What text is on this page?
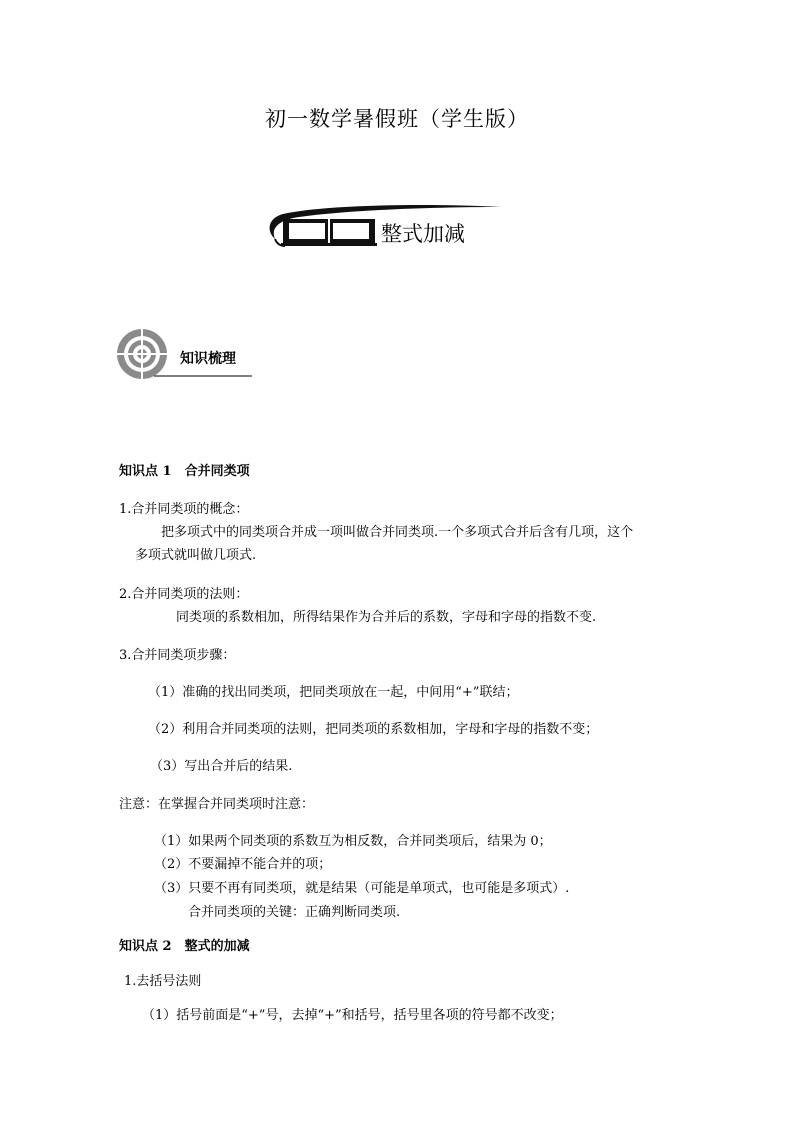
初一数学暑假班（学生版）
整式加减
知识梳理
知识点 1　合并同类项
1.合并同类项的概念：
把多项式中的同类项合并成一项叫做合并同类项.一个多项式合并后含有几项，这个
多项式就叫做几项式.
2.合并同类项的法则：
同类项的系数相加，所得结果作为合并后的系数，字母和字母的指数不变.
3.合并同类项步骤：
（1）准确的找出同类项，把同类项放在一起，中间用“+”联结；
（2）利用合并同类项的法则，把同类项的系数相加，字母和字母的指数不变；
（3）写出合并后的结果.
注意：在掌握合并同类项时注意：
（1）如果两个同类项的系数互为相反数，合并同类项后，结果为 0；
（2）不要漏掉不能合并的项；
（3）只要不再有同类项，就是结果（可能是单项式，也可能是多项式）.
合并同类项的关键：正确判断同类项.
知识点 2　整式的加减
1.去括号法则
（1）括号前面是“+”号，去掉“+”和括号，括号里各项的符号都不改变；
